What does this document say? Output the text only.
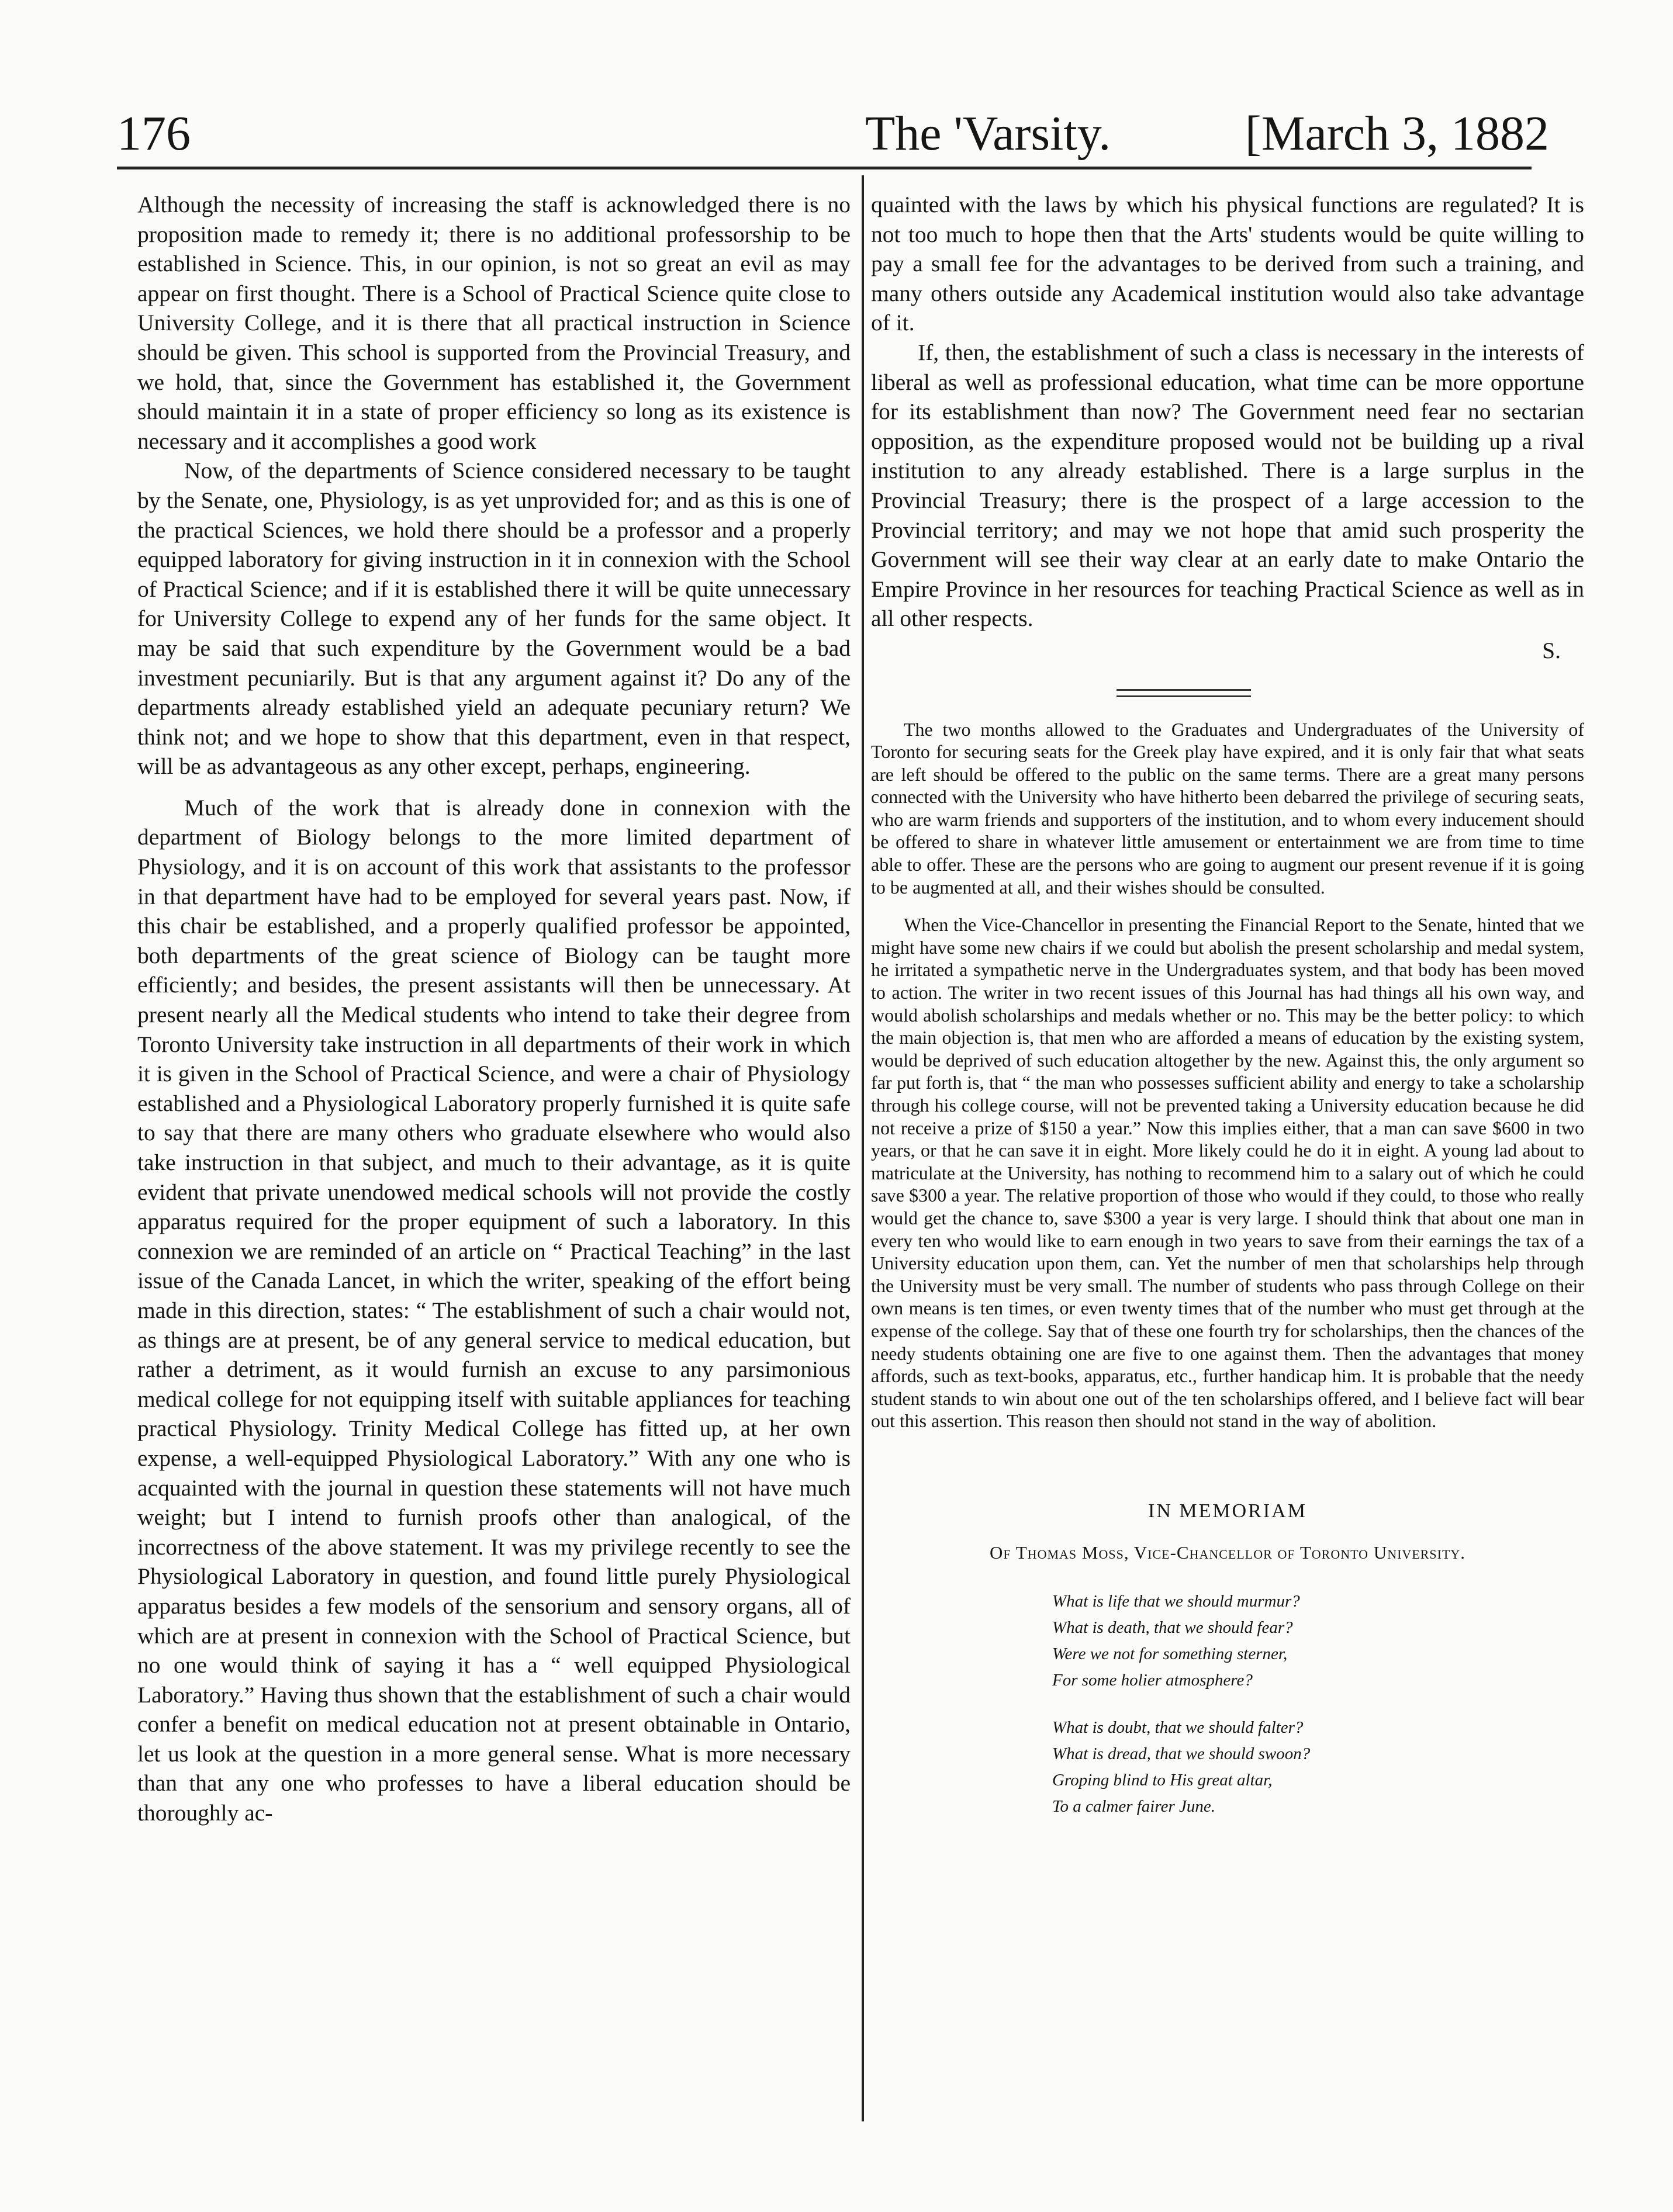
176	The 'Varsity.	[March 3, 1882

Although the necessity of increasing the staff is acknowledged there is no proposition made to remedy it; there is no additional professorship to be established in Science. This, in our opinion, is not so great an evil as may appear on first thought. There is a School of Practical Science quite close to University College, and it is there that all practical instruction in Science should be given. This school is supported from the Provincial Treasury, and we hold, that, since the Government has established it, the Government should maintain it in a state of proper efficiency so long as its existence is necessary and it accomplishes a good work

Now, of the departments of Science considered necessary to be taught by the Senate, one, Physiology, is as yet unprovided for; and as this is one of the practical Sciences, we hold there should be a professor and a properly equipped laboratory for giving instruction in it in connexion with the School of Practical Science; and if it is established there it will be quite unnecessary for University College to expend any of her funds for the same object. It may be said that such expenditure by the Government would be a bad investment pecuniarily. But is that any argument against it? Do any of the departments already established yield an adequate pecuniary return? We think not; and we hope to show that this department, even in that respect, will be as advantageous as any other except, perhaps, engineering.

Much of the work that is already done in connexion with the department of Biology belongs to the more limited department of Physiology, and it is on account of this work that assistants to the professor in that department have had to be employed for several years past. Now, if this chair be established, and a properly qualified professor be appointed, both departments of the great science of Biology can be taught more efficiently; and besides, the present assistants will then be unnecessary. At present nearly all the Medical students who intend to take their degree from Toronto University take instruction in all departments of their work in which it is given in the School of Practical Science, and were a chair of Physiology established and a Physiological Laboratory properly furnished it is quite safe to say that there are many others who graduate elsewhere who would also take instruction in that subject, and much to their advantage, as it is quite evident that private unendowed medical schools will not provide the costly apparatus required for the proper equipment of such a laboratory. In this connexion we are reminded of an article on “ Practical Teaching” in the last issue of the Canada Lancet, in which the writer, speaking of the effort being made in this direction, states: “ The establishment of such a chair would not, as things are at present, be of any general service to medical education, but rather a detriment, as it would furnish an excuse to any parsimonious medical college for not equipping itself with suitable appliances for teaching practical Physiology. Trinity Medical College has fitted up, at her own expense, a well-equipped Physiological Laboratory.” With any one who is acquainted with the journal in question these statements will not have much weight; but I intend to furnish proofs other than analogical, of the incorrectness of the above statement. It was my privilege recently to see the Physiological Laboratory in question, and found little purely Physiological apparatus besides a few models of the sensorium and sensory organs, all of which are at present in connexion with the School of Practical Science, but no one would think of saying it has a “ well equipped Physiological Laboratory.” Having thus shown that the establishment of such a chair would confer a benefit on medical education not at present obtainable in Ontario, let us look at the question in a more general sense. What is more necessary than that any one who professes to have a liberal education should be thoroughly ac-

quainted with the laws by which his physical functions are regulated? It is not too much to hope then that the Arts' students would be quite willing to pay a small fee for the advantages to be derived from such a training, and many others outside any Academical institution would also take advantage of it.

If, then, the establishment of such a class is necessary in the interests of liberal as well as professional education, what time can be more opportune for its establishment than now? The Government need fear no sectarian opposition, as the expenditure proposed would not be building up a rival institution to any already established. There is a large surplus in the Provincial Treasury; there is the prospect of a large accession to the Provincial territory; and may we not hope that amid such prosperity the Government will see their way clear at an early date to make Ontario the Empire Province in her resources for teaching Practical Science as well as in all other respects.

S.

The two months allowed to the Graduates and Undergraduates of the University of Toronto for securing seats for the Greek play have expired, and it is only fair that what seats are left should be offered to the public on the same terms. There are a great many persons connected with the University who have hitherto been debarred the privilege of securing seats, who are warm friends and supporters of the institution, and to whom every inducement should be offered to share in whatever little amusement or entertainment we are from time to time able to offer. These are the persons who are going to augment our present revenue if it is going to be augmented at all, and their wishes should be consulted.

When the Vice-Chancellor in presenting the Financial Report to the Senate, hinted that we might have some new chairs if we could but abolish the present scholarship and medal system, he irritated a sympathetic nerve in the Undergraduates system, and that body has been moved to action. The writer in two recent issues of this Journal has had things all his own way, and would abolish scholarships and medals whether or no. This may be the better policy: to which the main objection is, that men who are afforded a means of education by the existing system, would be deprived of such education altogether by the new. Against this, the only argument so far put forth is, that “ the man who possesses sufficient ability and energy to take a scholarship through his college course, will not be prevented taking a University education because he did not receive a prize of $150 a year.” Now this implies either, that a man can save $600 in two years, or that he can save it in eight. More likely could he do it in eight. A young lad about to matriculate at the University, has nothing to recommend him to a salary out of which he could save $300 a year. The relative proportion of those who would if they could, to those who really would get the chance to, save $300 a year is very large. I should think that about one man in every ten who would like to earn enough in two years to save from their earnings the tax of a University education upon them, can. Yet the number of men that scholarships help through the University must be very small. The number of students who pass through College on their own means is ten times, or even twenty times that of the number who must get through at the expense of the college. Say that of these one fourth try for scholarships, then the chances of the needy students obtaining one are five to one against them. Then the advantages that money affords, such as text-books, apparatus, etc., further handicap him. It is probable that the needy student stands to win about one out of the ten scholarships offered, and I believe fact will bear out this assertion. This reason then should not stand in the way of abolition.

IN MEMORIAM
Of Thomas Moss, Vice-Chancellor of Toronto University.
What is life that we should murmur?
What is death, that we should fear?
Were we not for something sterner,
For some holier atmosphere?
What is doubt, that we should falter?
What is dread, that we should swoon?
Groping blind to His great altar,
To a calmer fairer June.
